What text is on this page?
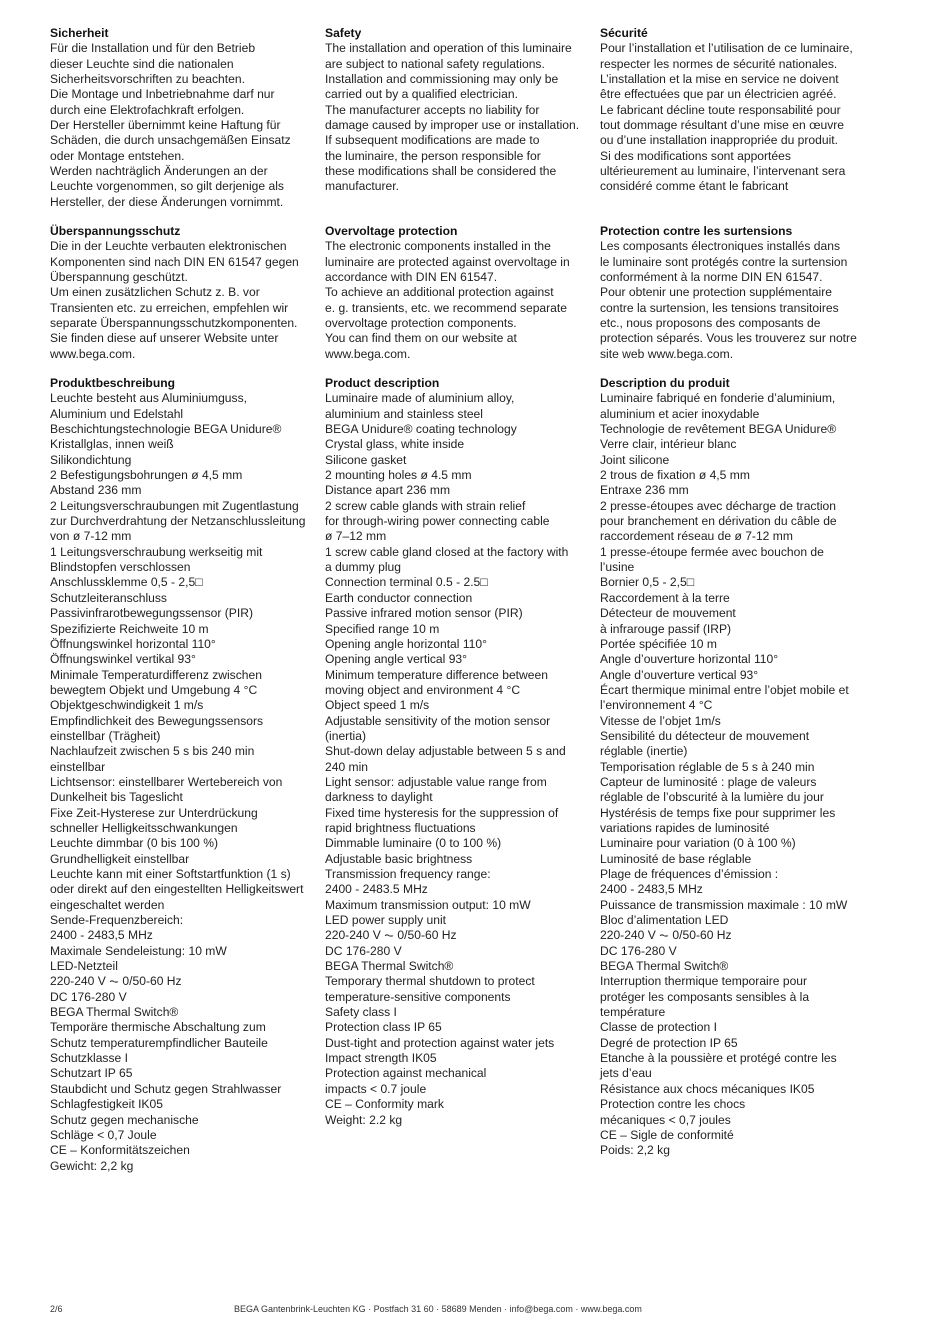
Sicherheit
Für die Installation und für den Betrieb
dieser Leuchte sind die nationalen
Sicherheitsvorschriften zu beachten.
Die Montage und Inbetriebnahme darf nur
durch eine Elektrofachkraft erfolgen.
Der Hersteller übernimmt keine Haftung für
Schäden, die durch unsachgemäßen Einsatz
oder Montage entstehen.
Werden nachträglich Änderungen an der
Leuchte vorgenommen, so gilt derjenige als
Hersteller, der diese Änderungen vornimmt.
Überspannungsschutz
Die in der Leuchte verbauten elektronischen
Komponenten sind nach DIN EN 61547 gegen
Überspannung geschützt.
Um einen zusätzlichen Schutz z. B. vor
Transienten etc. zu erreichen, empfehlen wir
separate Überspannungsschutzkomponenten.
Sie finden diese auf unserer Website unter
www.bega.com.
Produktbeschreibung
Leuchte besteht aus Aluminiumguss,
Aluminium und Edelstahl
Beschichtungstechnologie BEGA Unidure®
Kristallglas, innen weiß
Silikondichtung
2 Befestigungsbohrungen ø 4,5 mm
Abstand 236 mm
2 Leitungsverschraubungen mit Zugentlastung
zur Durchverdrahtung der Netzanschlussleitung
von ø 7-12 mm
1 Leitungsverschraubung werkseitig mit
Blindstopfen verschlossen
Anschlussklemme 0,5 - 2,5□
Schutzleiteranschluss
Passivinfrarotbewegungssensor (PIR)
Spezifizierte Reichweite 10 m
Öffnungswinkel horizontal 110°
Öffnungswinkel vertikal 93°
Minimale Temperaturdifferenz zwischen
bewegtem Objekt und Umgebung 4 °C
Objektgeschwindigkeit 1 m/s
Empfindlichkeit des Bewegungssensors
einstellbar (Trägheit)
Nachlaufzeit zwischen 5 s bis 240 min
einstellbar
Lichtsensor: einstellbarer Wertebereich von
Dunkelheit bis Tageslicht
Fixe Zeit-Hysterese zur Unterdrückung
schneller Helligkeitsschwankungen
Leuchte dimmbar (0 bis 100 %)
Grundhelligkeit einstellbar
Leuchte kann mit einer Softstartfunktion (1 s)
oder direkt auf den eingestellten Helligkeitswert
eingeschaltet werden
Sende-Frequenzbereich:
2400 - 2483,5 MHz
Maximale Sendeleistung: 10 mW
LED-Netzteil
220-240 V ⏦ 0/50-60 Hz
DC 176-280 V
BEGA Thermal Switch®
Temporäre thermische Abschaltung zum
Schutz temperaturempfindlicher Bauteile
Schutzklasse I
Schutzart IP 65
Staubdicht und Schutz gegen Strahlwasser
Schlagfestigkeit IK05
Schutz gegen mechanische
Schläge < 0,7 Joule
CE – Konformitätszeichen
Gewicht: 2,2 kg
Safety
The installation and operation of this luminaire
are subject to national safety regulations.
Installation and commissioning may only be
carried out by a qualified electrician.
The manufacturer accepts no liability for
damage caused by improper use or installation.
If subsequent modifications are made to
the luminaire, the person responsible for
these modifications shall be considered the
manufacturer.
Overvoltage protection
The electronic components installed in the
luminaire are protected against overvoltage in
accordance with DIN EN 61547.
To achieve an additional protection against
e. g. transients, etc. we recommend separate
overvoltage protection components.
You can find them on our website at
www.bega.com.
Product description
Luminaire made of aluminium alloy,
aluminium and stainless steel
BEGA Unidure® coating technology
Crystal glass, white inside
Silicone gasket
2 mounting holes ø 4.5 mm
Distance apart 236 mm
2 screw cable glands with strain relief
for through-wiring power connecting cable
ø 7–12 mm
1 screw cable gland closed at the factory with
a dummy plug
Connection terminal 0.5 - 2.5□
Earth conductor connection
Passive infrared motion sensor (PIR)
Specified range 10 m
Opening angle horizontal 110°
Opening angle vertical 93°
Minimum temperature difference between
moving object and environment 4 °C
Object speed 1 m/s
Adjustable sensitivity of the motion sensor
(inertia)
Shut-down delay adjustable between 5 s and
240 min
Light sensor: adjustable value range from
darkness to daylight
Fixed time hysteresis for the suppression of
rapid brightness fluctuations
Dimmable luminaire (0 to 100 %)
Adjustable basic brightness
Transmission frequency range:
2400 - 2483.5 MHz
Maximum transmission output: 10 mW
LED power supply unit
220-240 V ⏦ 0/50-60 Hz
DC 176-280 V
BEGA Thermal Switch®
Temporary thermal shutdown to protect
temperature-sensitive components
Safety class I
Protection class IP 65
Dust-tight and protection against water jets
Impact strength IK05
Protection against mechanical
impacts < 0.7 joule
CE – Conformity mark
Weight: 2.2 kg
Sécurité
Pour l’installation et l’utilisation de ce luminaire,
respecter les normes de sécurité nationales.
L’installation et la mise en service ne doivent
être effectuées que par un électricien agréé.
Le fabricant décline toute responsabilité pour
tout dommage résultant d’une mise en œuvre
ou d’une installation inappropriée du produit.
Si des modifications sont apportées
ultérieurement au luminaire, l’intervenant sera
considéré comme étant le fabricant
Protection contre les surtensions
Les composants électroniques installés dans
le luminaire sont protégés contre la surtension
conformément à la norme DIN EN 61547.
Pour obtenir une protection supplémentaire
contre la surtension, les tensions transitoires
etc., nous proposons des composants de
protection séparés. Vous les trouverez sur notre
site web www.bega.com.
Description du produit
Luminaire fabriqué en fonderie d’aluminium,
aluminium et acier inoxydable
Technologie de revêtement BEGA Unidure®
Verre clair, intérieur blanc
Joint silicone
2 trous de fixation ø 4,5 mm
Entraxe 236 mm
2 presse-étoupes avec décharge de traction
pour branchement en dérivation du câble de
raccordement réseau de ø 7-12 mm
1 presse-étoupe fermée avec bouchon de
l’usine
Bornier 0,5 - 2,5□
Raccordement à la terre
Détecteur de mouvement
à infrarouge passif (IRP)
Portée spécifiée 10 m
Angle d’ouverture horizontal 110°
Angle d’ouverture vertical 93°
Écart thermique minimal entre l’objet mobile et
l’environnement 4 °C
Vitesse de l’objet 1m/s
Sensibilité du détecteur de mouvement
réglable (inertie)
Temporisation réglable de 5 s à 240 min
Capteur de luminosité : plage de valeurs
réglable de l’obscurité à la lumière du jour
Hystérésis de temps fixe pour supprimer les
variations rapides de luminosité
Luminaire pour variation (0 à 100 %)
Luminosité de base réglable
Plage de fréquences d’émission :
2400 - 2483,5 MHz
Puissance de transmission maximale : 10 mW
Bloc d’alimentation LED
220-240 V ⏦ 0/50-60 Hz
DC 176-280 V
BEGA Thermal Switch®
Interruption thermique temporaire pour
protéger les composants sensibles à la
température
Classe de protection I
Degré de protection IP 65
Etanche à la poussière et protégé contre les
jets d’eau
Résistance aux chocs mécaniques IK05
Protection contre les chocs
mécaniques < 0,7 joules
CE – Sigle de conformité
Poids: 2,2 kg
2/6	BEGA Gantenbrink-Leuchten KG · Postfach 31 60 · 58689 Menden · info@bega.com · www.bega.com
